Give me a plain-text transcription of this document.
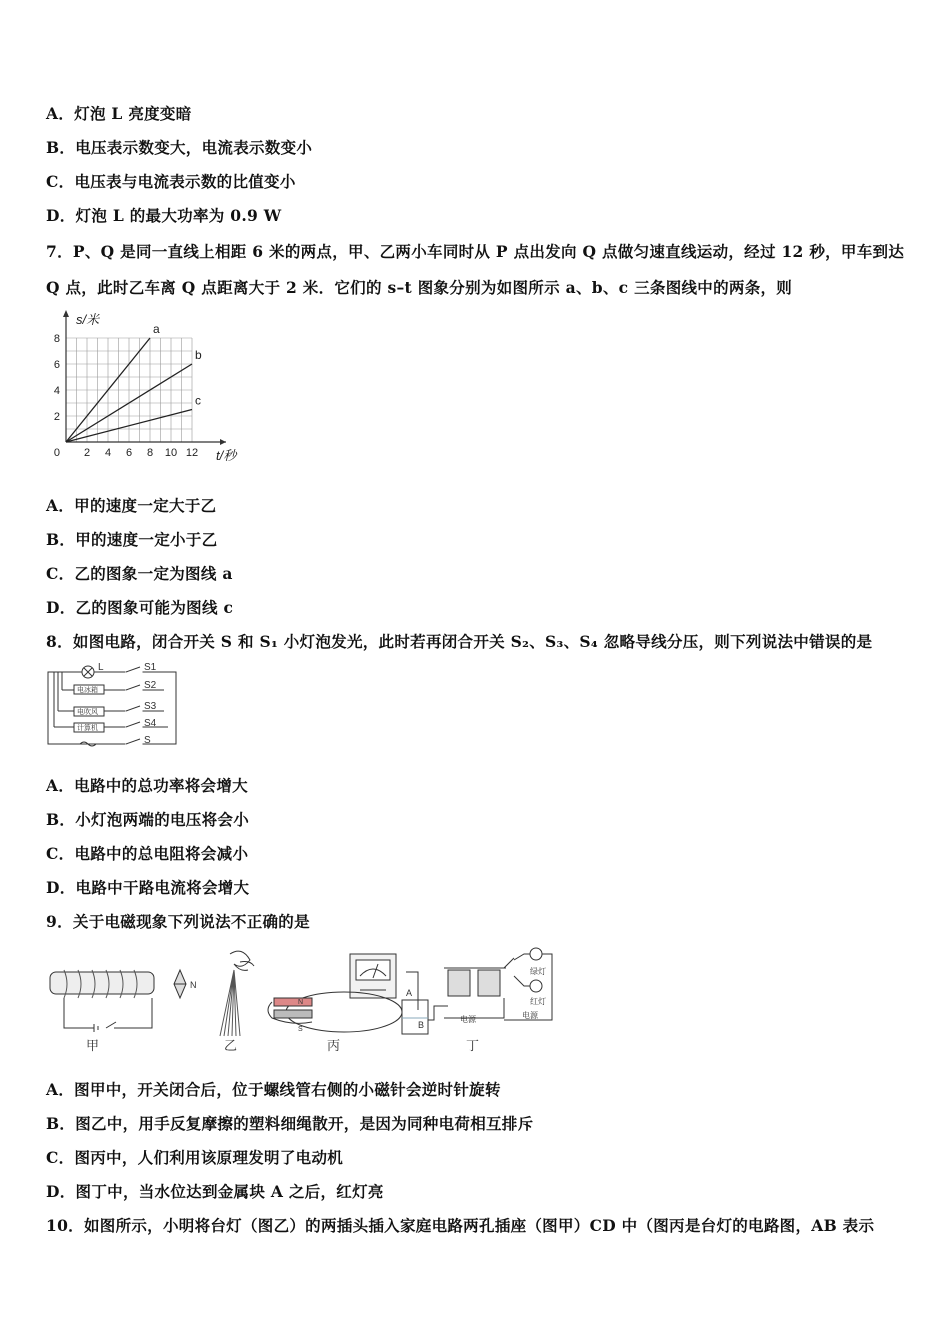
A．灯泡 L 亮度变暗
B．电压表示数变大，电流表示数变小
C．电压表与电流表示数的比值变小
D．灯泡 L 的最大功率为 0.9 W
7．P、Q 是同一直线上相距 6 米的两点，甲、乙两小车同时从 P 点出发向 Q 点做匀速直线运动，经过 12 秒，甲车到达
Q 点，此时乙车离 Q 点距离大于 2 米．它们的 s–t 图象分别为如图所示 a、b、c 三条图线中的两条，则
s/米
t/秒
a
b
c
0 2 4 6 8 10 12
2
4
6
8
A．甲的速度一定大于乙
B．甲的速度一定小于乙
C．乙的图象一定为图线 a
D．乙的图象可能为图线 c
8．如图电路，闭合开关 S 和 S₁ 小灯泡发光，此时若再闭合开关 S₂、S₃、S₄ 忽略导线分压，则下列说法中错误的是
L
电冰箱
电吹风
计算机
S1
S2
S3
S4
S
A．电路中的总功率将会增大
B．小灯泡两端的电压将会小
C．电路中的总电阻将会减小
D．电路中干路电流将会增大
9．关于电磁现象下列说法不正确的是
甲
N
乙
N
S
丙
A
B
电源
绿灯
红灯
电源
丁
A．图甲中，开关闭合后，位于螺线管右侧的小磁针会逆时针旋转
B．图乙中，用手反复摩擦的塑料细绳散开，是因为同种电荷相互排斥
C．图丙中，人们利用该原理发明了电动机
D．图丁中，当水位达到金属块 A 之后，红灯亮
10．如图所示，小明将台灯（图乙）的两插头插入家庭电路两孔插座（图甲）CD 中（图丙是台灯的电路图，AB 表示
